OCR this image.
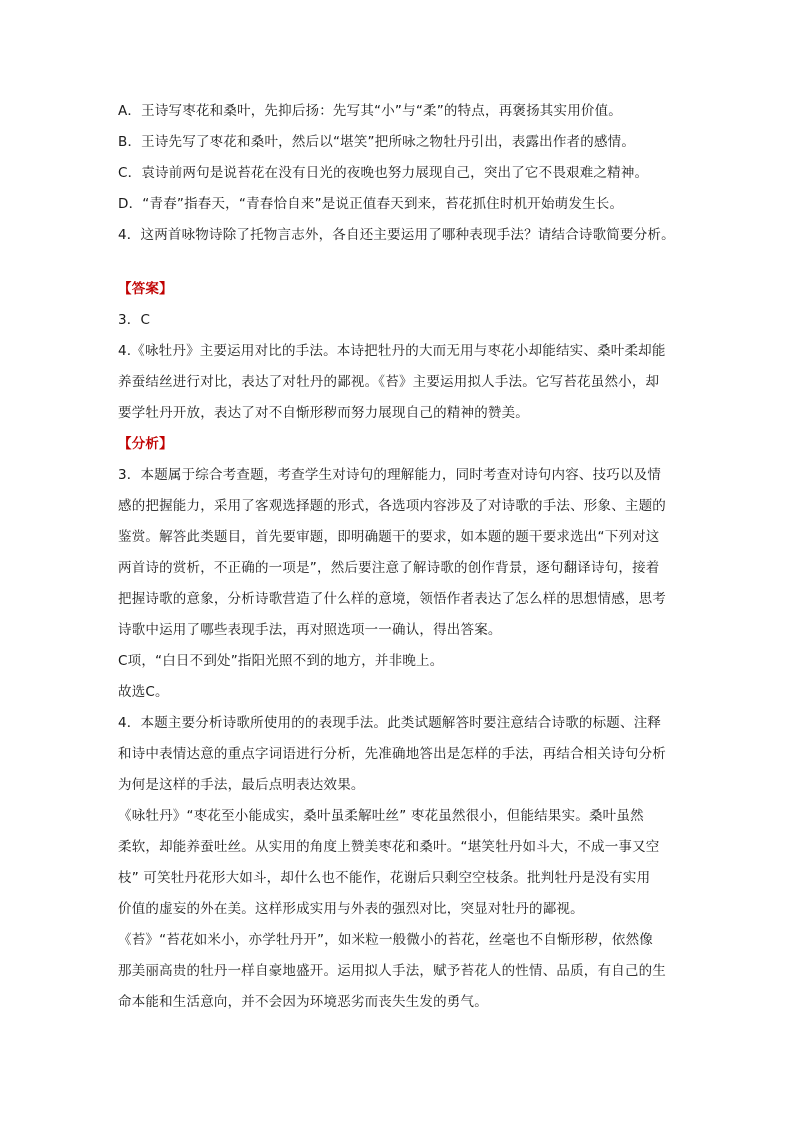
A．王诗写枣花和桑叶，先抑后扬：先写其“小”与“柔”的特点，再褒扬其实用价值。
B．王诗先写了枣花和桑叶，然后以“堪笑”把所咏之物牡丹引出，表露出作者的感情。
C．袁诗前两句是说苔花在没有日光的夜晚也努力展现自己，突出了它不畏艰难之精神。
D．“青春”指春天，“青春恰自来”是说正值春天到来，苔花抓住时机开始萌发生长。
4．这两首咏物诗除了托物言志外，各自还主要运用了哪种表现手法？请结合诗歌简要分析。
【答案】
3．C
4.《咏牡丹》主要运用对比的手法。本诗把牡丹的大而无用与枣花小却能结实、桑叶柔却能
养蚕结丝进行对比，表达了对牡丹的鄙视。《苔》主要运用拟人手法。它写苔花虽然小，却
要学牡丹开放，表达了对不自惭形秽而努力展现自己的精神的赞美。
【分析】
3．本题属于综合考查题，考查学生对诗句的理解能力，同时考查对诗句内容、技巧以及情
感的把握能力，采用了客观选择题的形式，各选项内容涉及了对诗歌的手法、形象、主题的
鉴赏。解答此类题目，首先要审题，即明确题干的要求，如本题的题干要求选出“下列对这
两首诗的赏析，不正确的一项是”，然后要注意了解诗歌的创作背景，逐句翻译诗句，接着
把握诗歌的意象，分析诗歌营造了什么样的意境，领悟作者表达了怎么样的思想情感，思考
诗歌中运用了哪些表现手法，再对照选项一一确认，得出答案。
C项，“白日不到处”指阳光照不到的地方，并非晚上。
故选C。
4．本题主要分析诗歌所使用的的表现手法。此类试题解答时要注意结合诗歌的标题、注释
和诗中表情达意的重点字词语进行分析，先准确地答出是怎样的手法，再结合相关诗句分析
为何是这样的手法，最后点明表达效果。
《咏牡丹》“枣花至小能成实，桑叶虽柔解吐丝” 枣花虽然很小，但能结果实。桑叶虽然
柔软，却能养蚕吐丝。从实用的角度上赞美枣花和桑叶。“堪笑牡丹如斗大，不成一事又空
枝” 可笑牡丹花形大如斗，却什么也不能作，花谢后只剩空空枝条。批判牡丹是没有实用
价值的虚妄的外在美。这样形成实用与外表的强烈对比，突显对牡丹的鄙视。
《苔》“苔花如米小，亦学牡丹开”，如米粒一般微小的苔花，丝毫也不自惭形秽，依然像
那美丽高贵的牡丹一样自豪地盛开。运用拟人手法，赋予苔花人的性情、品质，有自己的生
命本能和生活意向，并不会因为环境恶劣而丧失生发的勇气。
